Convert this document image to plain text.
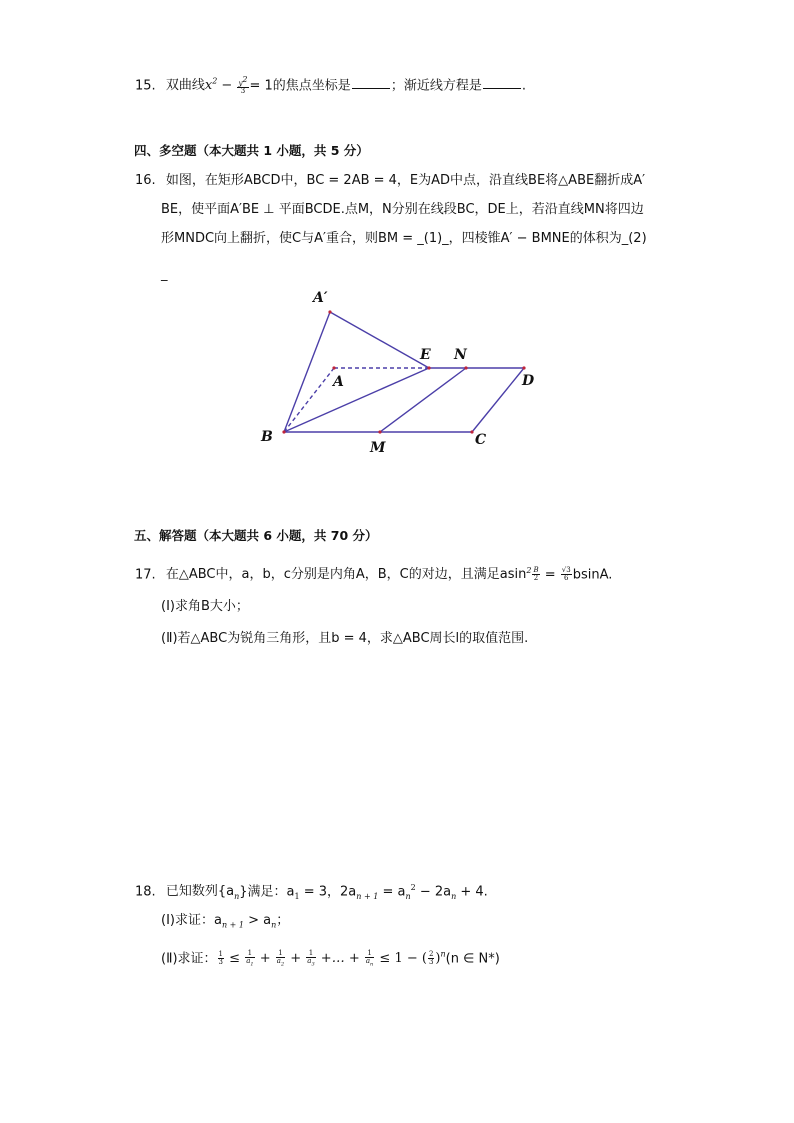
15. 双曲线$x^2 - \frac{y^2}{3} = 1$的焦点坐标是	；渐近线方程是	.
四、多空题（本大题共 1 小题，共 5 分）
16. 如图，在矩形ABCD中，BC = 2AB = 4，E为AD中点，沿直线BE将△ABE翻折成A′
BE，使平面A′BE ⊥ 平面BCDE.点M，N分别在线段BC，DE上，若沿直线MN将四边
形MNDC向上翻折，使C与A′重合，则BM = _(1)_，四棱锥A′ − BMNE的体积为_(2)
_
A′
A
E N
D
B
M	C
五、解答题（本大题共 6 小题，共 70 分）
17. 在△ABC中，a，b，c分别是内角A，B，C的对边，且满足$asin^2 \frac{B}{2} = \frac{√3}{6} bsinA$.
(Ⅰ)求角B大小；
(Ⅱ)若△ABC为锐角三角形，且b = 4，求△ABC周长l的取值范围.
18. 已知数列$\{a_n\}$满足：$a_1 = 3$，$2a_{n + 1} = a_n^2 - 2a_n + 4$.
(Ⅰ)求证：$a_{n + 1} > a_n$；
(Ⅱ)求证： $\frac{1}{3} \le \frac{1}{a_1} + \frac{1}{a_2} + \frac{1}{a_3}$ +… + $\frac{1}{a_n} \le 1$ − ( $\frac{2}{3} )^n(n$ ∈ N*)
